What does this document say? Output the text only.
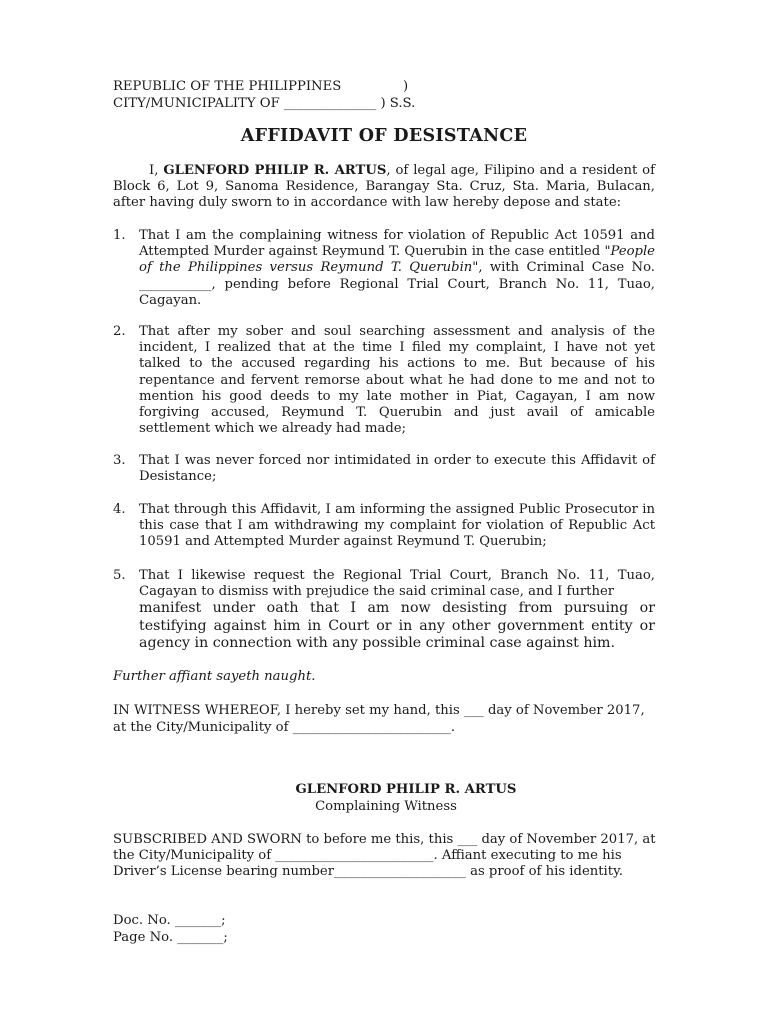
REPUBLIC OF THE PHILIPPINES	)
CITY/MUNICIPALITY OF ______________ ) S.S.
AFFIDAVIT OF DESISTANCE
I, GLENFORD PHILIP R. ARTUS, of legal age, Filipino and a resident of Block 6, Lot 9, Sanoma Residence, Barangay Sta. Cruz, Sta. Maria, Bulacan, after having duly sworn to in accordance with law hereby depose and state:
1. That I am the complaining witness for violation of Republic Act 10591 and Attempted Murder against Reymund T. Querubin in the case entitled "People of the Philippines versus Reymund T. Querubin", with Criminal Case No. ___________, pending before Regional Trial Court, Branch No. 11, Tuao, Cagayan.
2. That after my sober and soul searching assessment and analysis of the incident, I realized that at the time I filed my complaint, I have not yet talked to the accused regarding his actions to me. But because of his repentance and fervent remorse about what he had done to me and not to mention his good deeds to my late mother in Piat, Cagayan, I am now forgiving accused, Reymund T. Querubin and just avail of amicable settlement which we already had made;
3. That I was never forced nor intimidated in order to execute this Affidavit of Desistance;
4. That through this Affidavit, I am informing the assigned Public Prosecutor in this case that I am withdrawing my complaint for violation of Republic Act 10591 and Attempted Murder against Reymund T. Querubin;
5. That I likewise request the Regional Trial Court, Branch No. 11, Tuao, Cagayan to dismiss with prejudice the said criminal case, and I further
manifest under oath that I am now desisting from pursuing or testifying against him in Court or in any other government entity or agency in connection with any possible criminal case against him.
Further affiant sayeth naught.
IN WITNESS WHEREOF, I hereby set my hand, this ___ day of November 2017,
at the City/Municipality of ________________________.
GLENFORD PHILIP R. ARTUS
Complaining Witness
SUBSCRIBED AND SWORN to before me this, this ___ day of November 2017, at
the City/Municipality of ________________________. Affiant executing to me his
Driver’s License bearing number____________________ as proof of his identity.
Doc. No. _______;
Page No. _______;
